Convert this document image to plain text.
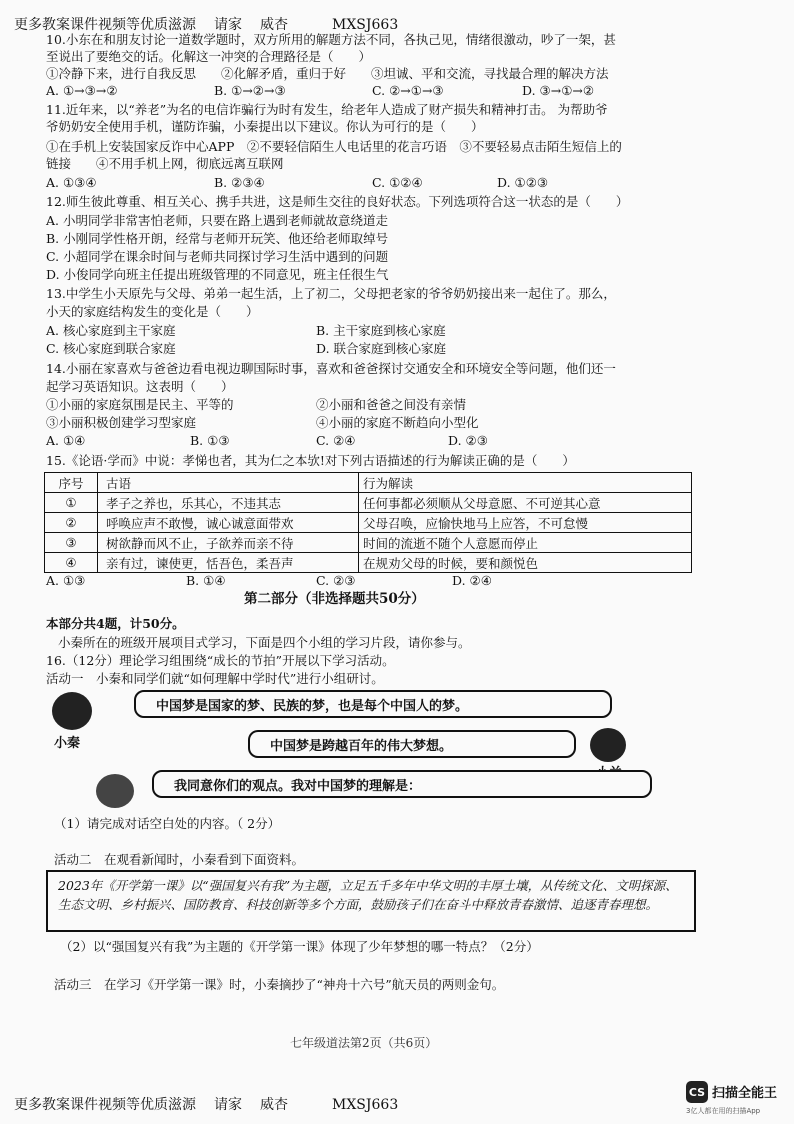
更多教案课件视频等优质滋源 请家 威杏	MXSJ663
10.小东在和朋友讨论一道数学题时，双方所用的解题方法不同，各执己见，情绪很激动，吵了一架，甚
至说出了要绝交的话。化解这一冲突的合理路径是（　　）
①冷静下来，进行自我反思　　②化解矛盾，重归于好　　③坦诚、平和交流，寻找最合理的解决方法
A. ①→③→②	B. ①→②→③	C. ②→①→③	D. ③→①→②
11.近年来，以“养老”为名的电信诈骗行为时有发生，给老年人造成了财产损失和精神打击。 为帮助爷
爷奶奶安全使用手机，谨防诈骗，小秦提出以下建议。你认为可行的是（　　）
①在手机上安装国家反诈中心APP　②不要轻信陌生人电话里的花言巧语　③不要轻易点击陌生短信上的
链接　　④不用手机上网，彻底远离互联网
A. ①③④	B. ②③④	C. ①②④	D. ①②③
12.师生彼此尊重、相互关心、携手共进，这是师生交往的良好状态。下列选项符合这一状态的是（　　）
A. 小明同学非常害怕老师，只要在路上遇到老师就故意绕道走
B. 小刚同学性格开朗，经常与老师开玩笑、他还给老师取绰号
C. 小超同学在课余时间与老师共同探讨学习生活中遇到的问题
D. 小俊同学向班主任提出班级管理的不同意见，班主任很生气
13.中学生小天原先与父母、弟弟一起生活，上了初二，父母把老家的爷爷奶奶接出来一起住了。那么，
小天的家庭结构发生的变化是（　　）
A. 核心家庭到主干家庭	B. 主干家庭到核心家庭
C. 核心家庭到联合家庭	D. 联合家庭到核心家庭
14.小丽在家喜欢与爸爸边看电视边聊国际时事，喜欢和爸爸探讨交通安全和环境安全等问题，他们还一
起学习英语知识。这表明（　　）
①小丽的家庭氛围是民主、平等的	②小丽和爸爸之间没有亲情
③小丽积极创建学习型家庭	④小丽的家庭不断趋向小型化
A. ①④	B. ①③	C. ②④	D. ②③
15.《论语·学而》中说：孝悌也者，其为仁之本欤!对下列古语描述的行为解读正确的是（　　）
序号	古语	行为解读
①	孝子之养也，乐其心，不违其志	任何事都必须顺从父母意愿、不可逆其心意
②	呼唤应声不敢慢，诚心诚意面带欢	父母召唤，应愉快地马上应答，不可怠慢
③	树欲静而风不止，子欲养而亲不待	时间的流逝不随个人意愿而停止
④	亲有过，谏使更，恬吾色，柔吾声	在规劝父母的时候，要和颜悦色
A. ①③	B. ①④	C. ②③	D. ②④
第二部分（非选择题共50分）
本部分共4题，计50分。
小秦所在的班级开展项目式学习，下面是四个小组的学习片段，请你参与。
16.（12分）理论学习组围绕“成长的节拍”开展以下学习活动。
活动一　小秦和同学们就“如何理解中学时代”进行小组研讨。
小秦
中国梦是国家的梦、民族的梦，也是每个中国人的梦。
中国梦是跨越百年的伟大梦想。
我同意你们的观点。我对中国梦的理解是：
（1）请完成对话空白处的内容。（ 2分）
活动二　在观看新闻时，小秦看到下面资料。
2023年《开学第一课》以“强国复兴有我”为主题，立足五千多年中华文明的丰厚土壤，从传统文化、文明探源、生态文明、乡村振兴、国防教育、科技创新等多个方面，鼓励孩子们在奋斗中释放青春激情、追逐青春理想。
（2）以“强国复兴有我”为主题的《开学第一课》体现了少年梦想的哪一特点？（2分）
活动三　在学习《开学第一课》时，小秦摘抄了“神舟十六号”航天员的两则金句。
七年级道法第2页（共6页）
更多教案课件视频等优质滋源 请家 威杏	MXSJ663
CS 扫描全能王
3亿人都在用的扫描App
